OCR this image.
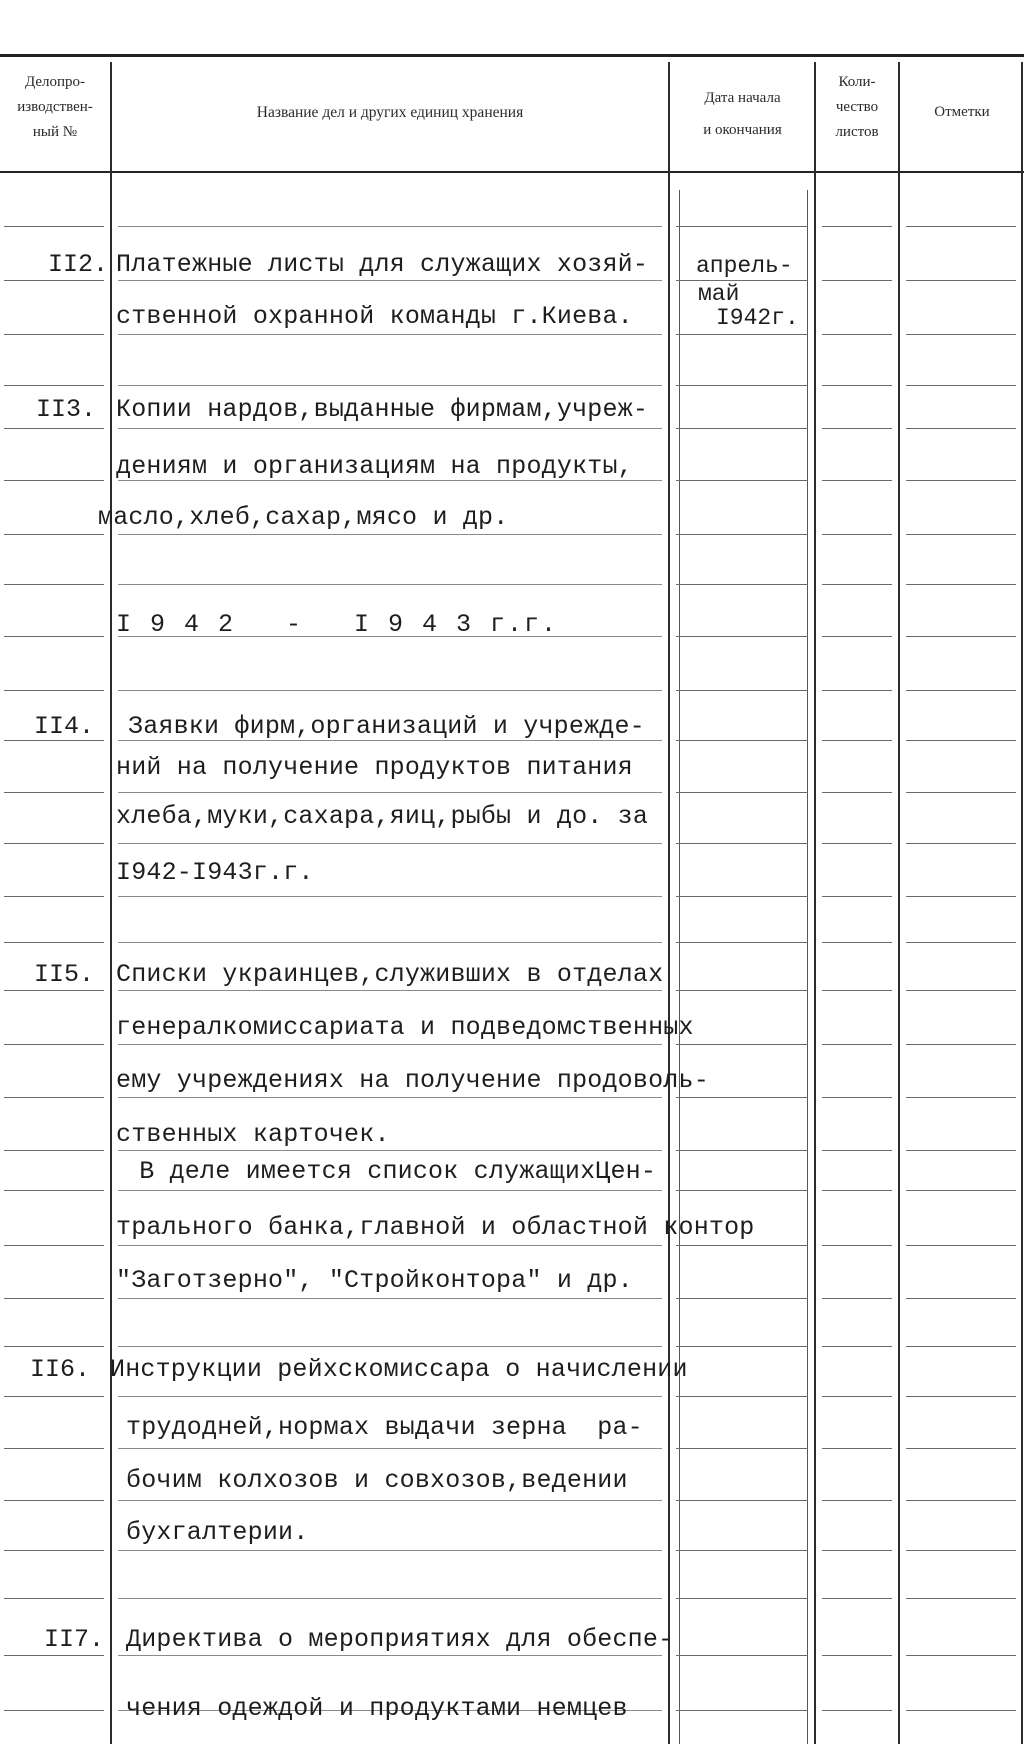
Делопро-
изводствен-
ный №
Название дел и других единиц хранения
Дата начала
и окончания
Коли-
чество
листов
Отметки
II2. Платежные листы для служащих хозяй-
ственной охранной команды г.Киева.
апрель-
май
I942г.
II3. Копии нардов,выданные фирмам,учреж-
дениям и организациям на продукты,
масло,хлеб,сахар,мясо и др.
I 9 4 2   -   I 9 4 3 г.г.
II4. Заявки фирм,организаций и учрежде-
ний на получение продуктов питания
хлеба,муки,сахара,яиц,рыбы и до. за
I942-I943г.г.
II5. Списки украинцев,служивших в отделах
генералкомиссариата и подведомственных
ему учреждениях на получение продоволь-
ственных карточек.
В деле имеется список служащихЦен-
трального банка,главной и областной контор
"Заготзерно", "Стройконтора" и др.
II6. Инструкции рейхскомиссара о начислении
трудодней,нормах выдачи зерна  ра-
бочим колхозов и совхозов,ведении
бухгалтерии.
II7. Директива о мероприятиях для обеспе-
чения одеждой и продуктами немцев
